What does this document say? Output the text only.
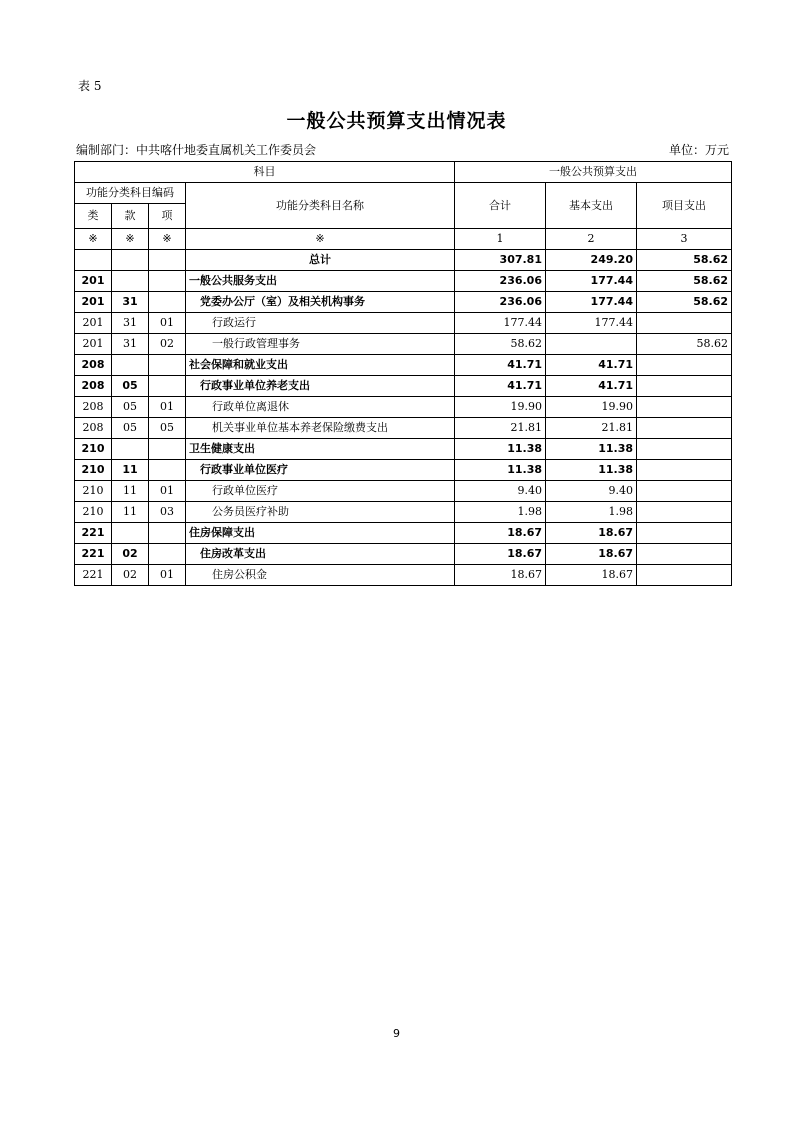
表 5
一般公共预算支出情况表
编制部门：中共喀什地委直属机关工作委员会	单位：万元
科目				一般公共预算支出		
功能分类科目编码			功能分类科目名称	合计	基本支出	项目支出
类	款	项				
※	※	※	※	1	2	3
			总计	307.81	249.20	58.62
201			一般公共服务支出	236.06	177.44	58.62
201	31		党委办公厅（室）及相关机构事务	236.06	177.44	58.62
201	31	01	行政运行	177.44	177.44	
201	31	02	一般行政管理事务	58.62		58.62
208			社会保障和就业支出	41.71	41.71	
208	05		行政事业单位养老支出	41.71	41.71	
208	05	01	行政单位离退休	19.90	19.90	
208	05	05	机关事业单位基本养老保险缴费支出	21.81	21.81	
210			卫生健康支出	11.38	11.38	
210	11		行政事业单位医疗	11.38	11.38	
210	11	01	行政单位医疗	9.40	9.40	
210	11	03	公务员医疗补助	1.98	1.98	
221			住房保障支出	18.67	18.67	
221	02		住房改革支出	18.67	18.67	
221	02	01	住房公积金	18.67	18.67	
9
